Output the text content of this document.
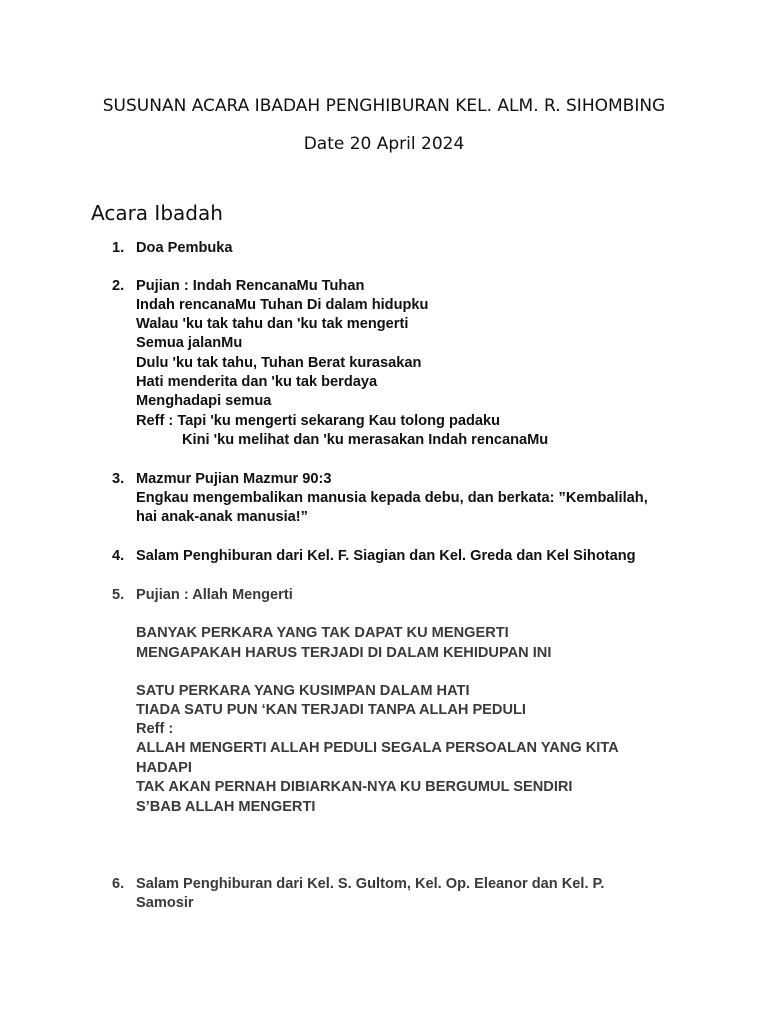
SUSUNAN ACARA IBADAH PENGHIBURAN KEL. ALM. R. SIHOMBING
Date 20 April 2024
Acara Ibadah
1. Doa Pembuka
2. Pujian : Indah RencanaMu Tuhan
Indah rencanaMu Tuhan Di dalam hidupku
Walau 'ku tak tahu dan 'ku tak mengerti
Semua jalanMu
Dulu 'ku tak tahu, Tuhan Berat kurasakan
Hati menderita dan 'ku tak berdaya
Menghadapi semua
Reff : Tapi 'ku mengerti sekarang Kau tolong padaku
Kini 'ku melihat dan 'ku merasakan Indah rencanaMu
3. Mazmur Pujian Mazmur 90:3
Engkau mengembalikan manusia kepada debu, dan berkata: ”Kembalilah,
hai anak-anak manusia!”
4. Salam Penghiburan dari Kel. F. Siagian dan Kel. Greda dan Kel Sihotang
5. Pujian : Allah Mengerti
BANYAK PERKARA YANG TAK DAPAT KU MENGERTI
MENGAPAKAH HARUS TERJADI DI DALAM KEHIDUPAN INI
SATU PERKARA YANG KUSIMPAN DALAM HATI
TIADA SATU PUN ‘KAN TERJADI TANPA ALLAH PEDULI
Reff :
ALLAH MENGERTI ALLAH PEDULI SEGALA PERSOALAN YANG KITA
HADAPI
TAK AKAN PERNAH DIBIARKAN-NYA KU BERGUMUL SENDIRI
S’BAB ALLAH MENGERTI
6. Salam Penghiburan dari Kel. S. Gultom, Kel. Op. Eleanor dan Kel. P.
Samosir
